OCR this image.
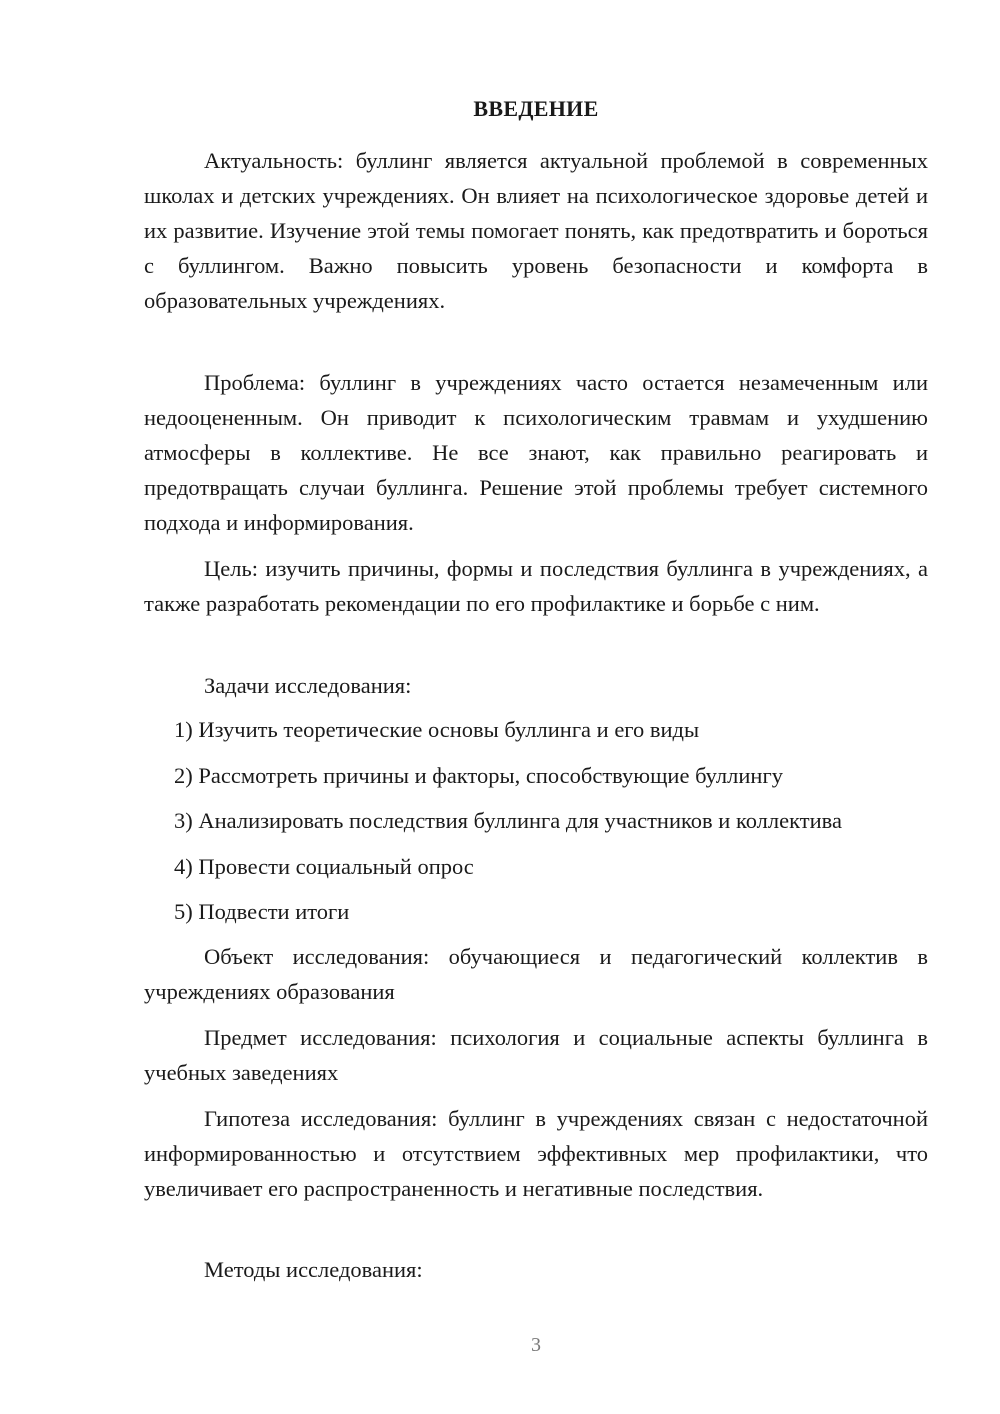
ВВЕДЕНИЕ

Актуальность: буллинг является актуальной проблемой в современных школах и детских учреждениях. Он влияет на психологическое здоровье детей и их развитие. Изучение этой темы помогает понять, как предотвратить и бороться с буллингом. Важно повысить уровень безопасности и комфорта в образовательных учреждениях.

Проблема: буллинг в учреждениях часто остается незамеченным или недооцененным. Он приводит к психологическим травмам и ухудшению атмосферы в коллективе. Не все знают, как правильно реагировать и предотвращать случаи буллинга. Решение этой проблемы требует системного подхода и информирования.

Цель: изучить причины, формы и последствия буллинга в учреждениях, а также разработать рекомендации по его профилактике и борьбе с ним.

Задачи исследования:

1) Изучить теоретические основы буллинга и его виды

2) Рассмотреть причины и факторы, способствующие буллингу

3) Анализировать последствия буллинга для участников и коллектива

4) Провести социальный опрос

5) Подвести итоги

Объект исследования: обучающиеся и педагогический коллектив в учреждениях образования

Предмет исследования: психология и социальные аспекты буллинга в учебных заведениях

Гипотеза исследования: буллинг в учреждениях связан с недостаточной информированностью и отсутствием эффективных мер профилактики, что увеличивает его распространенность и негативные последствия.

Методы исследования:

3
